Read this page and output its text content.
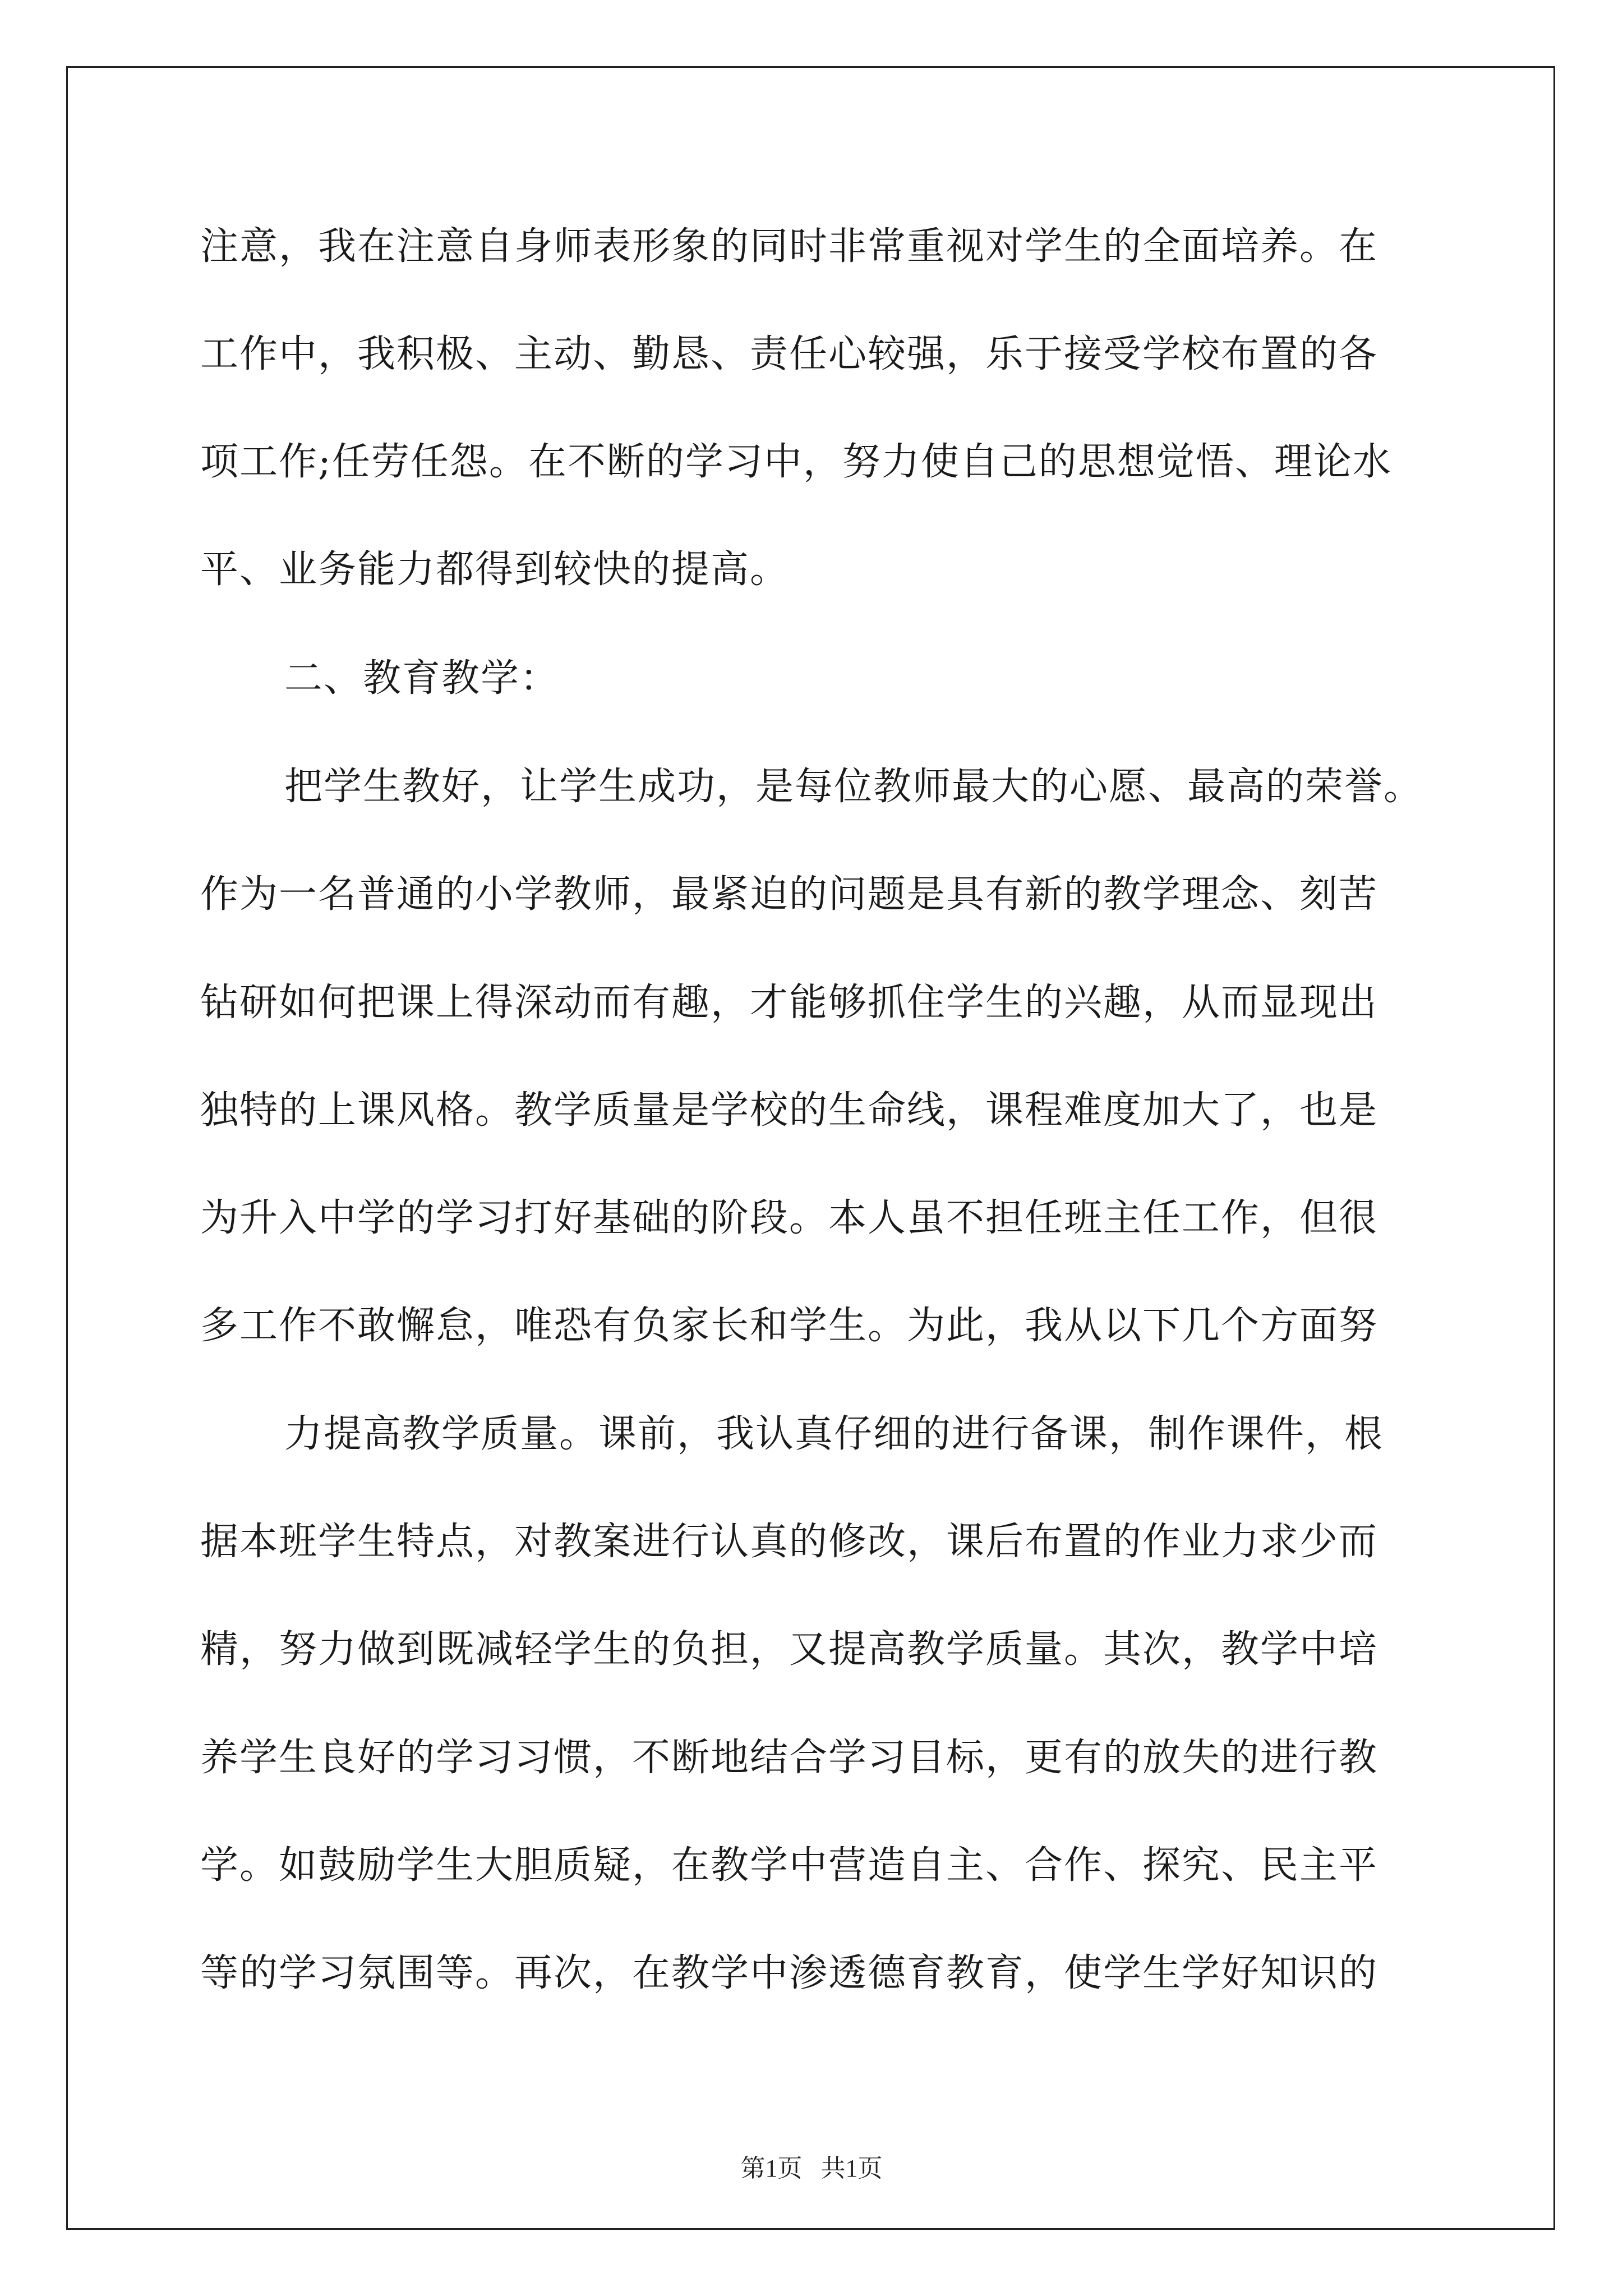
注意，我在注意自身师表形象的同时非常重视对学生的全面培养。在
工作中，我积极、主动、勤恳、责任心较强，乐于接受学校布置的各
项工作;任劳任怨。在不断的学习中，努力使自己的思想觉悟、理论水
平、业务能力都得到较快的提高。
二、教育教学：
把学生教好，让学生成功，是每位教师最大的心愿、最高的荣誉。
作为一名普通的小学教师，最紧迫的问题是具有新的教学理念、刻苦
钻研如何把课上得深动而有趣，才能够抓住学生的兴趣，从而显现出
独特的上课风格。教学质量是学校的生命线，课程难度加大了，也是
为升入中学的学习打好基础的阶段。本人虽不担任班主任工作，但很
多工作不敢懈怠，唯恐有负家长和学生。为此，我从以下几个方面努
力提高教学质量。课前，我认真仔细的进行备课，制作课件，根
据本班学生特点，对教案进行认真的修改，课后布置的作业力求少而
精，努力做到既减轻学生的负担，又提高教学质量。其次，教学中培
养学生良好的学习习惯，不断地结合学习目标，更有的放失的进行教
学。如鼓励学生大胆质疑，在教学中营造自主、合作、探究、民主平
等的学习氛围等。再次，在教学中渗透德育教育，使学生学好知识的
第1页   共1页
